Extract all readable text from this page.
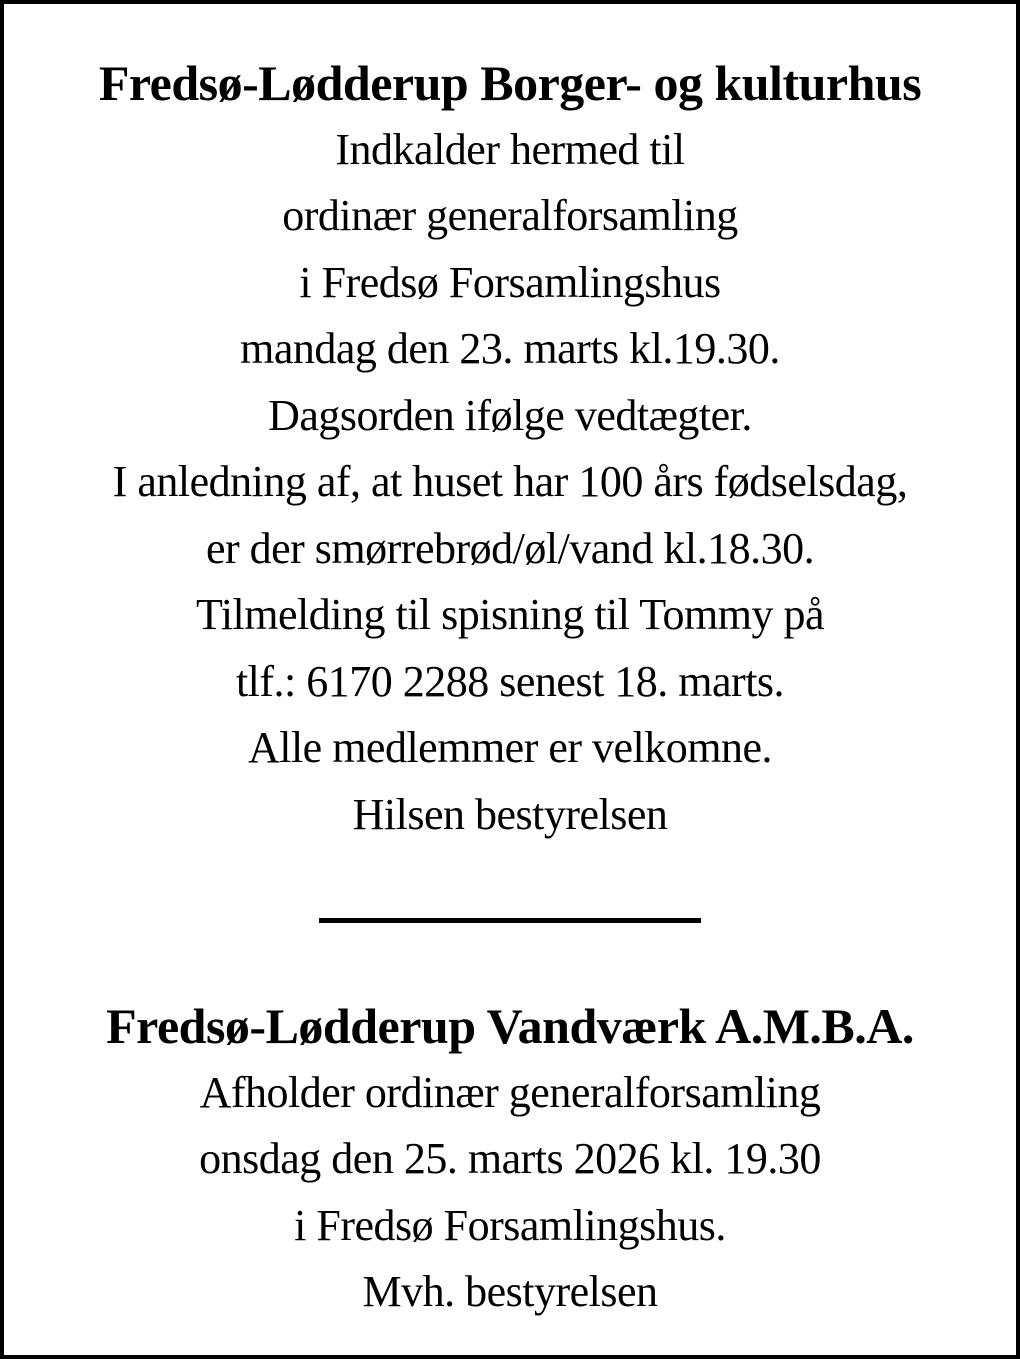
Fredsø-Lødderup Borger- og kulturhus
Indkalder hermed til
ordinær generalforsamling
i Fredsø Forsamlingshus
mandag den 23. marts kl.19.30.
Dagsorden ifølge vedtægter.
I anledning af, at huset har 100 års fødselsdag,
er der smørrebrød/øl/vand kl.18.30.
Tilmelding til spisning til Tommy på
tlf.: 6170 2288 senest 18. marts.
Alle medlemmer er velkomne.
Hilsen bestyrelsen
Fredsø-Lødderup Vandværk A.M.B.A.
Afholder ordinær generalforsamling
onsdag den 25. marts 2026 kl. 19.30
i Fredsø Forsamlingshus.
Mvh. bestyrelsen
